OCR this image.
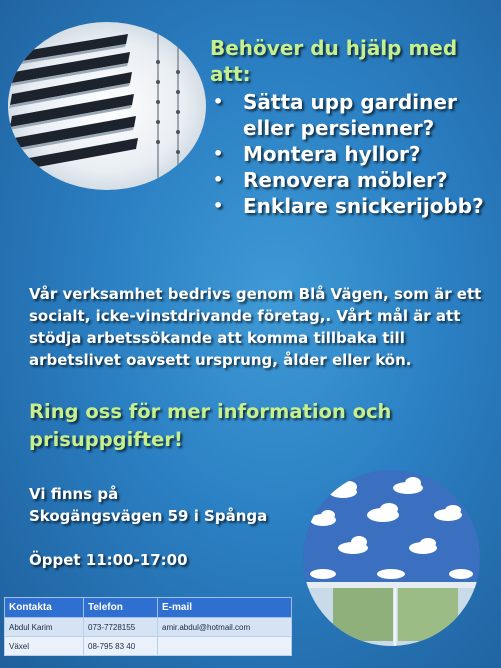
Behöver du hjälp med att:
• Sätta upp gardiner eller persienner?
• Montera hyllor?
• Renovera möbler?
• Enklare snickerijobb?
Vår verksamhet bedrivs genom Blå Vägen, som är ett socialt, icke-vinstdrivande företag,. Vårt mål är att stödja arbetssökande att komma tillbaka till arbetslivet oavsett ursprung, ålder eller kön.
Ring oss för mer information och prisuppgifter!
Vi finns på
Skogängsvägen 59 i Spånga
Öppet 11:00-17:00
Kontakta	Telefon	E-mail
Abdul Karim	073-7728155	amir.abdul@hotmail.com
Växel	08-795 83 40	
